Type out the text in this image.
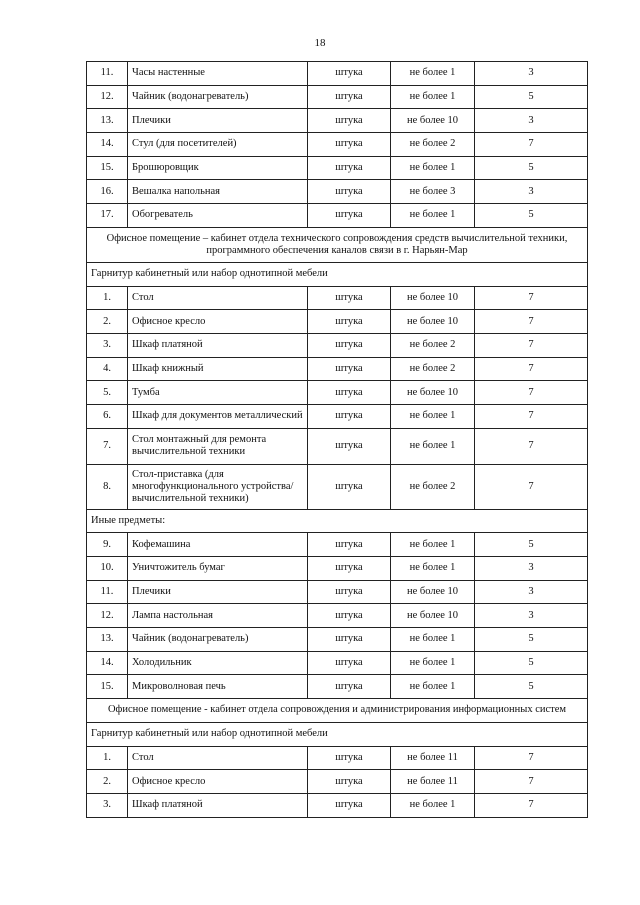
18
11.	Часы настенные	штука	не более 1	3
12.	Чайник (водонагреватель)	штука	не более 1	5
13.	Плечики	штука	не более 10	3
14.	Стул (для посетителей)	штука	не более 2	7
15.	Брошюровщик	штука	не более 1	5
16.	Вешалка напольная	штука	не более 3	3
17.	Обогреватель	штука	не более 1	5
Офисное помещение – кабинет отдела технического сопровождения средств вычислительной техники, программного обеспечения каналов связи в г. Нарьян-Мар				
Гарнитур кабинетный или набор однотипной мебели				
1.	Стол	штука	не более 10	7
2.	Офисное кресло	штука	не более 10	7
3.	Шкаф платяной	штука	не более 2	7
4.	Шкаф книжный	штука	не более 2	7
5.	Тумба	штука	не более 10	7
6.	Шкаф для документов металлический	штука	не более 1	7
7.	Стол монтажный для ремонта вычислительной техники	штука	не более 1	7
8.	Стол-приставка (для многофункционального устройства/вычислительной техники)	штука	не более 2	7
Иные предметы:				
9.	Кофемашина	штука	не более 1	5
10.	Уничтожитель бумаг	штука	не более 1	3
11.	Плечики	штука	не более 10	3
12.	Лампа настольная	штука	не более 10	3
13.	Чайник (водонагреватель)	штука	не более 1	5
14.	Холодильник	штука	не более 1	5
15.	Микроволновая печь	штука	не более 1	5
Офисное помещение - кабинет отдела сопровождения и администрирования информационных систем				
Гарнитур кабинетный или набор однотипной мебели				
1.	Стол	штука	не более 11	7
2.	Офисное кресло	штука	не более 11	7
3.	Шкаф платяной	штука	не более 1	7
